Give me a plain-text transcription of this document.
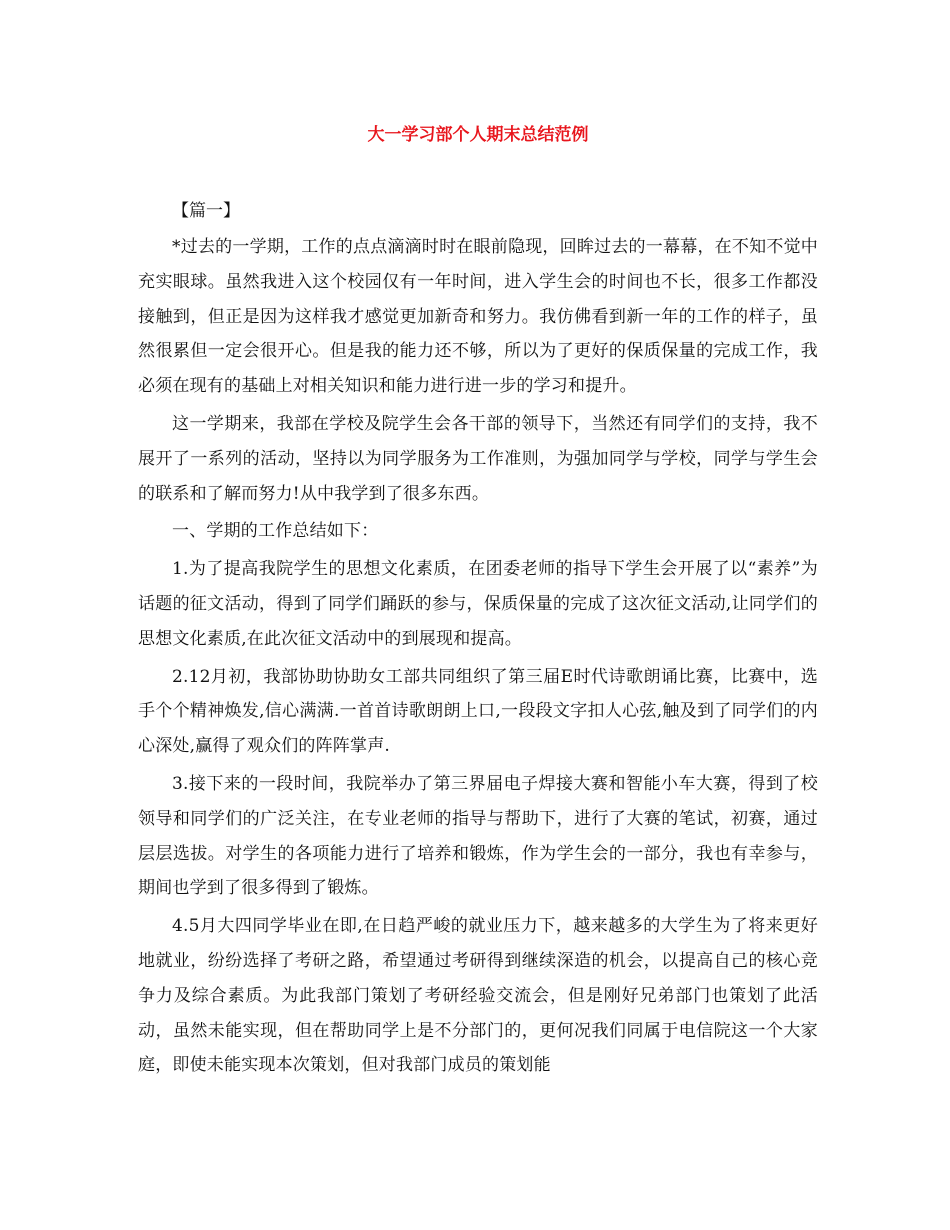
大一学习部个人期末总结范例
【篇一】

*过去的一学期，工作的点点滴滴时时在眼前隐现，回眸过去的一幕幕，在不知不觉中充实眼球。虽然我进入这个校园仅有一年时间，进入学生会的时间也不长，很多工作都没接触到，但正是因为这样我才感觉更加新奇和努力。我仿佛看到新一年的工作的样子，虽然很累但一定会很开心。但是我的能力还不够，所以为了更好的保质保量的完成工作，我必须在现有的基础上对相关知识和能力进行进一步的学习和提升。

这一学期来，我部在学校及院学生会各干部的领导下，当然还有同学们的支持，我不展开了一系列的活动，坚持以为同学服务为工作准则，为强加同学与学校，同学与学生会的联系和了解而努力!从中我学到了很多东西。

一、学期的工作总结如下：

1.为了提高我院学生的思想文化素质，在团委老师的指导下学生会开展了以“素养”为话题的征文活动，得到了同学们踊跃的参与，保质保量的完成了这次征文活动,让同学们的思想文化素质,在此次征文活动中的到展现和提高。

2.12月初，我部协助协助女工部共同组织了第三届E时代诗歌朗诵比赛，比赛中，选手个个精神焕发,信心满满.一首首诗歌朗朗上口,一段段文字扣人心弦,触及到了同学们的内心深处,赢得了观众们的阵阵掌声.

3.接下来的一段时间，我院举办了第三界届电子焊接大赛和智能小车大赛，得到了校领导和同学们的广泛关注，在专业老师的指导与帮助下，进行了大赛的笔试，初赛，通过层层选拔。对学生的各项能力进行了培养和锻炼，作为学生会的一部分，我也有幸参与，期间也学到了很多得到了锻炼。

4.5月大四同学毕业在即,在日趋严峻的就业压力下，越来越多的大学生为了将来更好地就业，纷纷选择了考研之路，希望通过考研得到继续深造的机会，以提高自己的核心竞争力及综合素质。为此我部门策划了考研经验交流会，但是刚好兄弟部门也策划了此活动，虽然未能实现，但在帮助同学上是不分部门的，更何况我们同属于电信院这一个大家庭，即使未能实现本次策划，但对我部门成员的策划能
